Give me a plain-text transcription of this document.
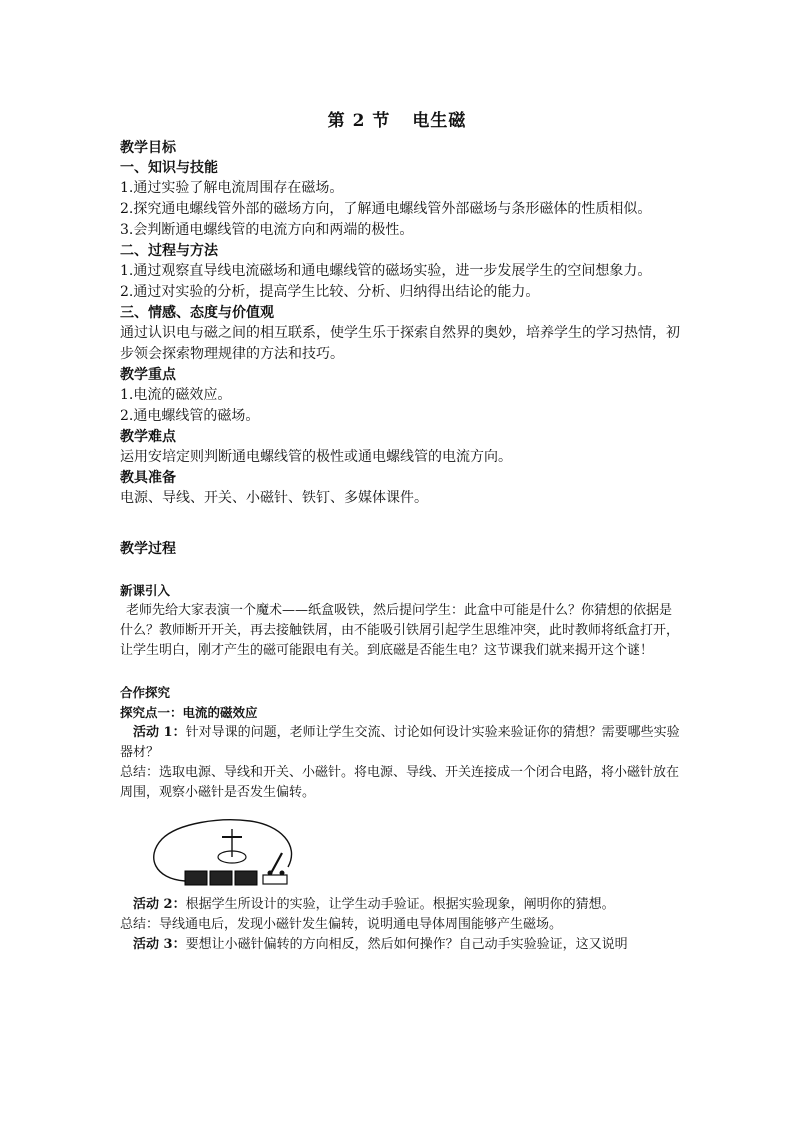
第 2 节 电生磁

教学目标

一、知识与技能

1.通过实验了解电流周围存在磁场。

2.探究通电螺线管外部的磁场方向，了解通电螺线管外部磁场与条形磁体的性质相似。

3.会判断通电螺线管的电流方向和两端的极性。

二、过程与方法

1.通过观察直导线电流磁场和通电螺线管的磁场实验，进一步发展学生的空间想象力。

2.通过对实验的分析，提高学生比较、分析、归纳得出结论的能力。

三、情感、态度与价值观

通过认识电与磁之间的相互联系，使学生乐于探索自然界的奥妙，培养学生的学习热情，初步领会探索物理规律的方法和技巧。

教学重点

1.电流的磁效应。

2.通电螺线管的磁场。

教学难点

运用安培定则判断通电螺线管的极性或通电螺线管的电流方向。

教具准备

电源、导线、开关、小磁针、铁钉、多媒体课件。

教学过程

新课引入

老师先给大家表演一个魔术——纸盒吸铁，然后提问学生：此盒中可能是什么？你猜想的依据是什么？教师断开开关，再去接触铁屑，由不能吸引铁屑引起学生思维冲突，此时教师将纸盒打开，让学生明白，刚才产生的磁可能跟电有关。到底磁是否能生电？这节课我们就来揭开这个谜！

合作探究

探究点一：电流的磁效应

活动 1：针对导课的问题，老师让学生交流、讨论如何设计实验来验证你的猜想？需要哪些实验器材？

总结：选取电源、导线和开关、小磁针。将电源、导线、开关连接成一个闭合电路，将小磁针放在周围，观察小磁针是否发生偏转。

活动 2：根据学生所设计的实验，让学生动手验证。根据实验现象，阐明你的猜想。

总结：导线通电后，发现小磁针发生偏转，说明通电导体周围能够产生磁场。

活动 3：要想让小磁针偏转的方向相反，然后如何操作？自己动手实验验证，这又说明
